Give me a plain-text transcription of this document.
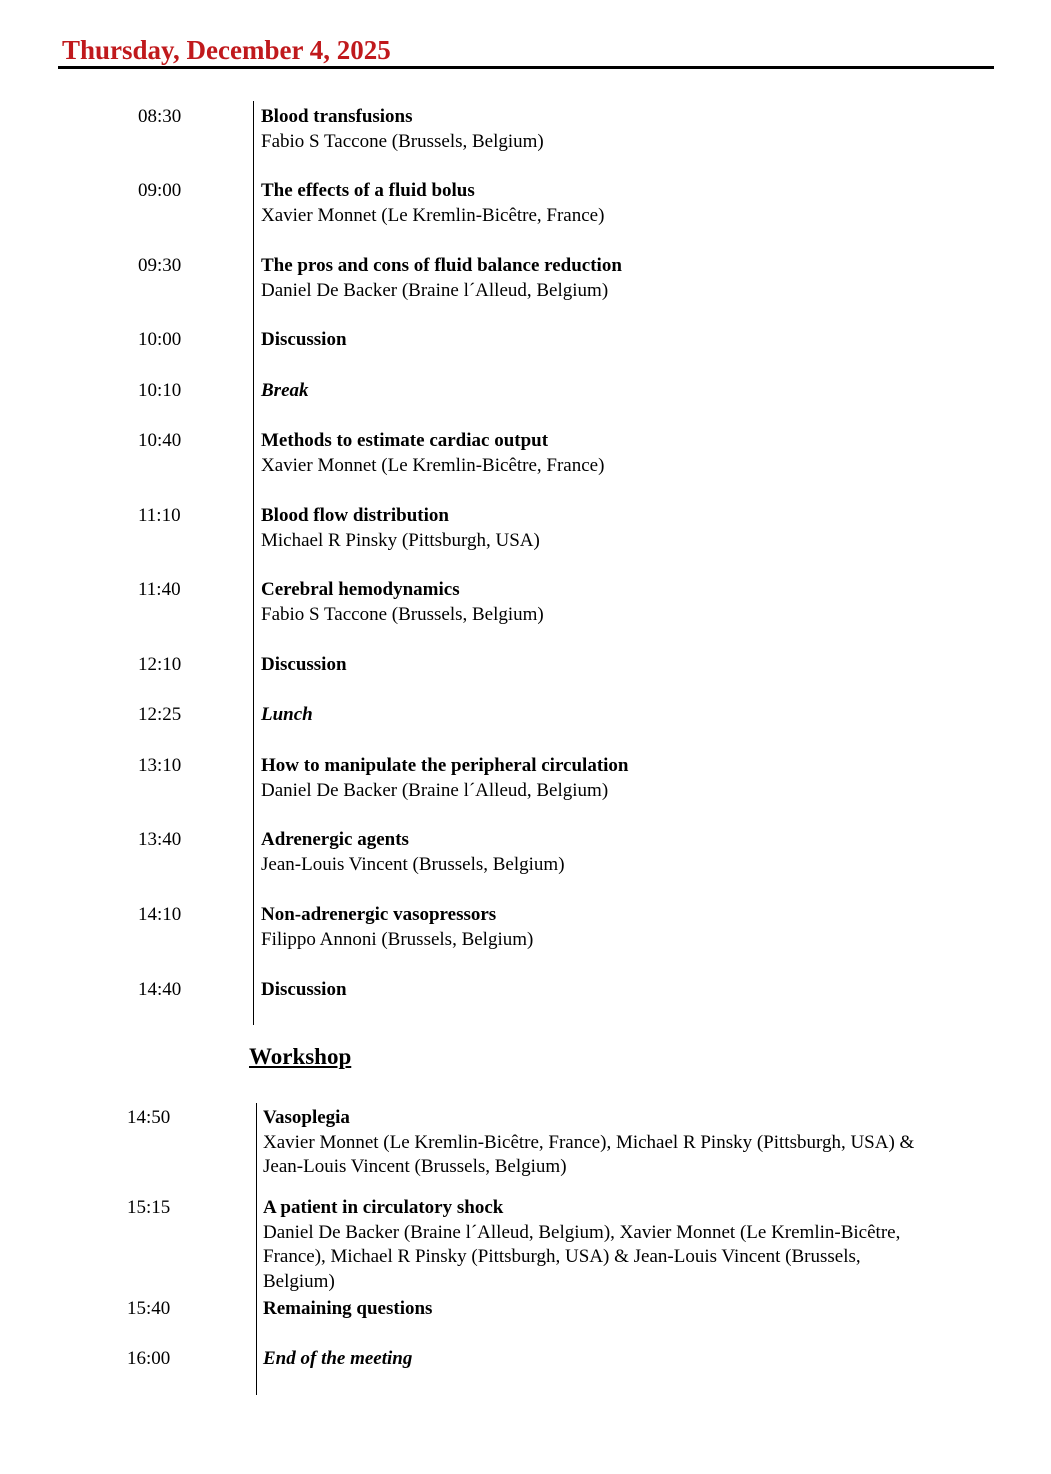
Thursday, December 4, 2025
08:30	Blood transfusions
Fabio S Taccone (Brussels, Belgium)
09:00	The effects of a fluid bolus
Xavier Monnet (Le Kremlin-Bicêtre, France)
09:30	The pros and cons of fluid balance reduction
Daniel De Backer (Braine l´Alleud, Belgium)
10:00	Discussion
10:10	Break
10:40	Methods to estimate cardiac output
Xavier Monnet (Le Kremlin-Bicêtre, France)
11:10	Blood flow distribution
Michael R Pinsky (Pittsburgh, USA)
11:40	Cerebral hemodynamics
Fabio S Taccone (Brussels, Belgium)
12:10	Discussion
12:25	Lunch
13:10	How to manipulate the peripheral circulation
Daniel De Backer (Braine l´Alleud, Belgium)
13:40	Adrenergic agents
Jean-Louis Vincent (Brussels, Belgium)
14:10	Non-adrenergic vasopressors
Filippo Annoni (Brussels, Belgium)
14:40	Discussion
Workshop
14:50	Vasoplegia
Xavier Monnet (Le Kremlin-Bicêtre, France), Michael R Pinsky (Pittsburgh, USA) & Jean-Louis Vincent (Brussels, Belgium)
15:15	A patient in circulatory shock
Daniel De Backer (Braine l´Alleud, Belgium), Xavier Monnet (Le Kremlin-Bicêtre, France), Michael R Pinsky (Pittsburgh, USA) & Jean-Louis Vincent (Brussels, Belgium)
15:40	Remaining questions
16:00	End of the meeting
